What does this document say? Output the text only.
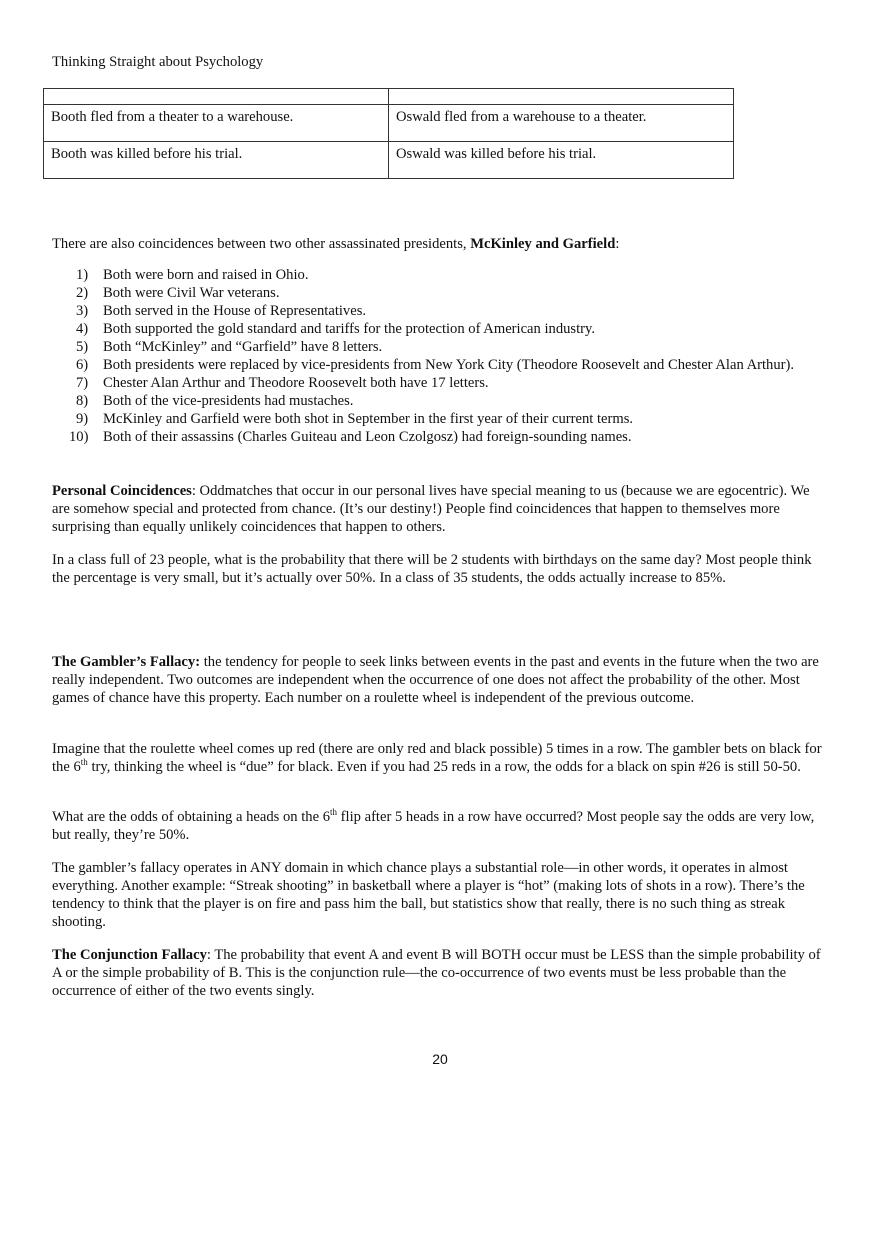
Thinking Straight about Psychology

Booth fled from a theater to a warehouse.	Oswald fled from a warehouse to a theater.
Booth was killed before his trial.	Oswald was killed before his trial.
There are also coincidences between two other assassinated presidents, McKinley and Garfield:
1) Both were born and raised in Ohio.
2) Both were Civil War veterans.
3) Both served in the House of Representatives.
4) Both supported the gold standard and tariffs for the protection of American industry.
5) Both “McKinley” and “Garfield” have 8 letters.
6) Both presidents were replaced by vice-presidents from New York City (Theodore Roosevelt and Chester Alan Arthur).
7) Chester Alan Arthur and Theodore Roosevelt both have 17 letters.
8) Both of the vice-presidents had mustaches.
9) McKinley and Garfield were both shot in September in the first year of their current terms.
10) Both of their assassins (Charles Guiteau and Leon Czolgosz) had foreign-sounding names.
Personal Coincidences: Oddmatches that occur in our personal lives have special meaning to us (because we are egocentric). We are somehow special and protected from chance. (It’s our destiny!) People find coincidences that happen to themselves more surprising than equally unlikely coincidences that happen to others.
In a class full of 23 people, what is the probability that there will be 2 students with birthdays on the same day? Most people think the percentage is very small, but it’s actually over 50%. In a class of 35 students, the odds actually increase to 85%.
The Gambler’s Fallacy: the tendency for people to seek links between events in the past and events in the future when the two are really independent. Two outcomes are independent when the occurrence of one does not affect the probability of the other. Most games of chance have this property. Each number on a roulette wheel is independent of the previous outcome.
Imagine that the roulette wheel comes up red (there are only red and black possible) 5 times in a row. The gambler bets on black for the 6th try, thinking the wheel is “due” for black. Even if you had 25 reds in a row, the odds for a black on spin #26 is still 50-50.
What are the odds of obtaining a heads on the 6th flip after 5 heads in a row have occurred? Most people say the odds are very low, but really, they’re 50%.
The gambler’s fallacy operates in ANY domain in which chance plays a substantial role—in other words, it operates in almost everything. Another example: “Streak shooting” in basketball where a player is “hot” (making lots of shots in a row). There’s the tendency to think that the player is on fire and pass him the ball, but statistics show that really, there is no such thing as streak shooting.
The Conjunction Fallacy: The probability that event A and event B will BOTH occur must be LESS than the simple probability of A or the simple probability of B. This is the conjunction rule—the co-occurrence of two events must be less probable than the occurrence of either of the two events singly.
20
